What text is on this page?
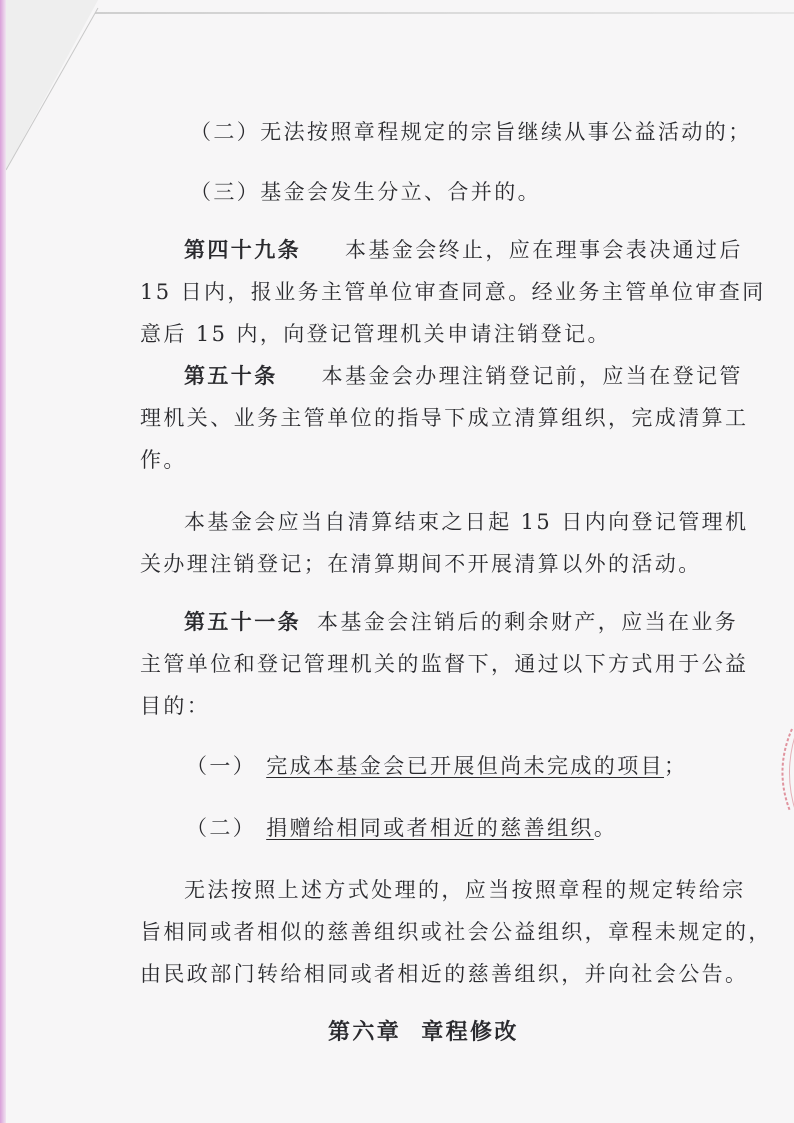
（二）无法按照章程规定的宗旨继续从事公益活动的；
（三）基金会发生分立、合并的。
第四十九条 本基金会终止，应在理事会表决通过后
15 日内，报业务主管单位审查同意。经业务主管单位审查同
意后 15 内，向登记管理机关申请注销登记。
第五十条 本基金会办理注销登记前，应当在登记管
理机关、业务主管单位的指导下成立清算组织，完成清算工
作。
本基金会应当自清算结束之日起 15 日内向登记管理机
关办理注销登记；在清算期间不开展清算以外的活动。
第五十一条 本基金会注销后的剩余财产，应当在业务
主管单位和登记管理机关的监督下，通过以下方式用于公益
目的：
（一） 完成本基金会已开展但尚未完成的项目；
（二） 捐赠给相同或者相近的慈善组织。
无法按照上述方式处理的，应当按照章程的规定转给宗
旨相同或者相似的慈善组织或社会公益组织，章程未规定的，
由民政部门转给相同或者相近的慈善组织，并向社会公告。
第六章 章程修改
